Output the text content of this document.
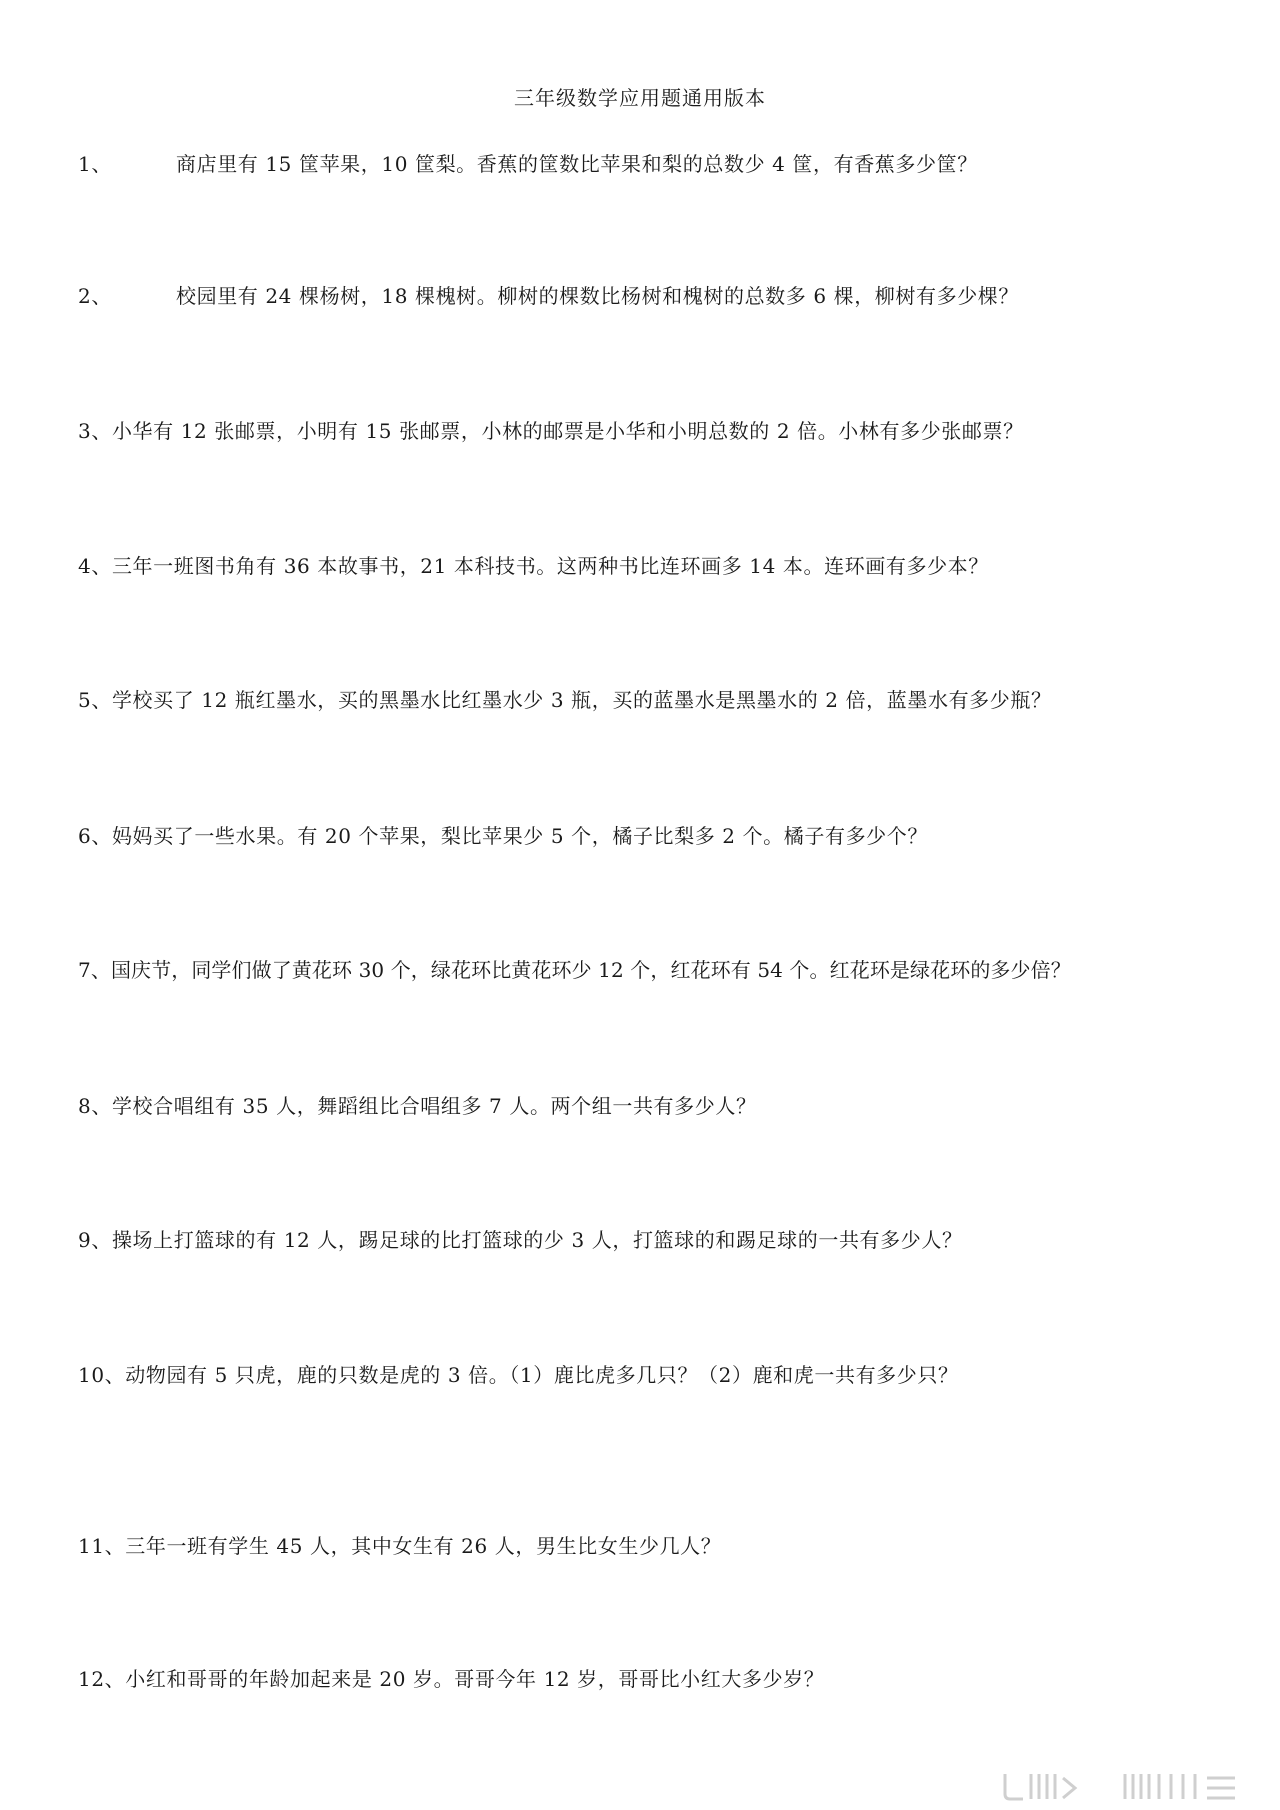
三年级数学应用题通用版本
1、	商店里有 15 筐苹果，10 筐梨。香蕉的筐数比苹果和梨的总数少 4 筐，有香蕉多少筐？
2、	校园里有 24 棵杨树，18 棵槐树。柳树的棵数比杨树和槐树的总数多 6 棵，柳树有多少棵？
3、小华有 12 张邮票，小明有 15 张邮票，小林的邮票是小华和小明总数的 2 倍。小林有多少张邮票？
4、三年一班图书角有 36 本故事书，21 本科技书。这两种书比连环画多 14 本。连环画有多少本？
5、学校买了 12 瓶红墨水，买的黑墨水比红墨水少 3 瓶，买的蓝墨水是黑墨水的 2 倍，蓝墨水有多少瓶？
6、妈妈买了一些水果。有 20 个苹果，梨比苹果少 5 个，橘子比梨多 2 个。橘子有多少个？
7、国庆节，同学们做了黄花环 30 个，绿花环比黄花环少 12 个，红花环有 54 个。红花环是绿花环的多少倍？
8、学校合唱组有 35 人，舞蹈组比合唱组多 7 人。两个组一共有多少人？
9、操场上打篮球的有 12 人，踢足球的比打篮球的少 3 人，打篮球的和踢足球的一共有多少人？
10、动物园有 5 只虎，鹿的只数是虎的 3 倍。（1）鹿比虎多几只？（2）鹿和虎一共有多少只？
11、三年一班有学生 45 人，其中女生有 26 人，男生比女生少几人？
12、小红和哥哥的年龄加起来是 20 岁。哥哥今年 12 岁，哥哥比小红大多少岁？
